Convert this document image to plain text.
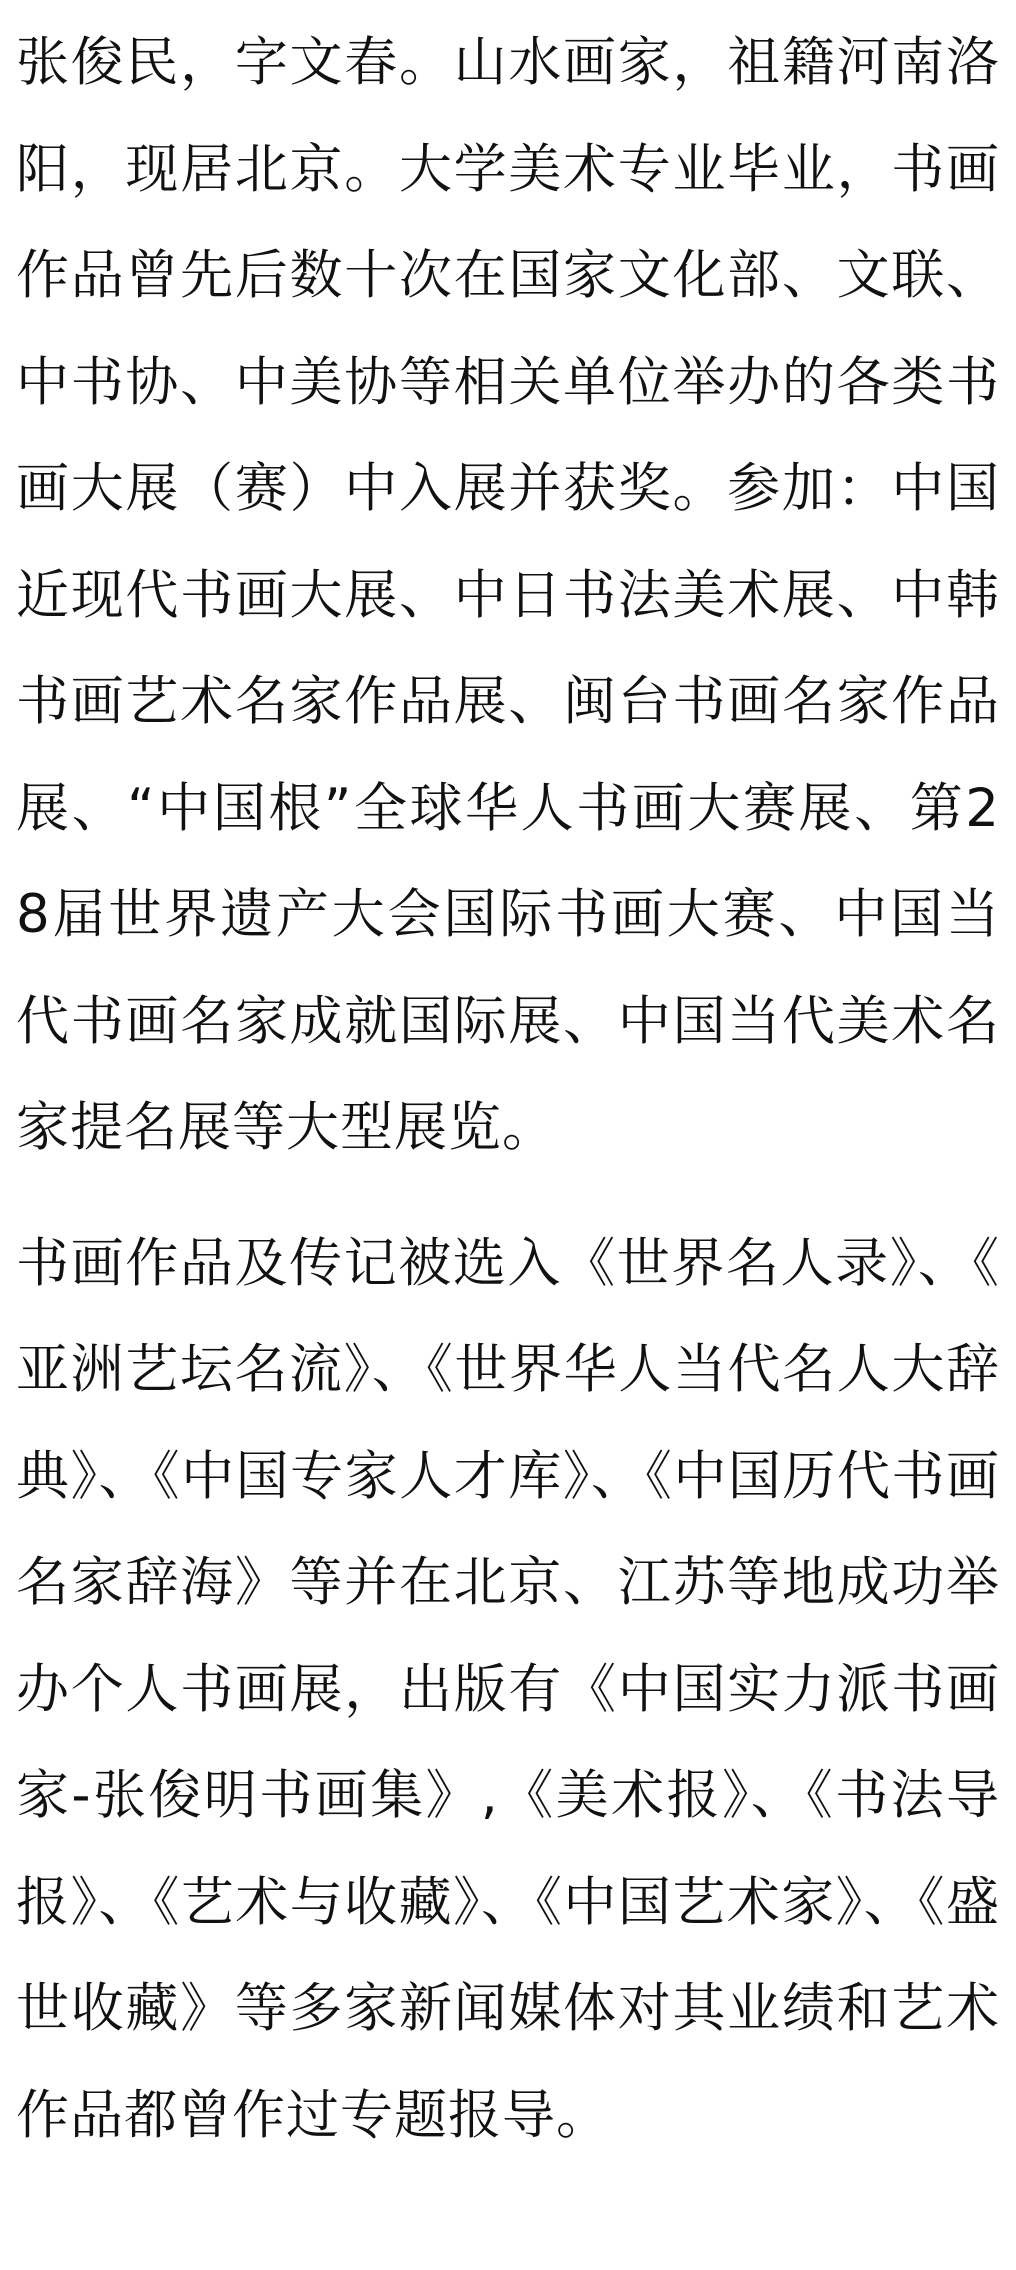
张俊民，字文春。山水画家，祖籍河南洛阳，现居北京。大学美术专业毕业，书画作品曾先后数十次在国家文化部、文联、中书协、中美协等相关单位举办的各类书画大展（赛）中入展并获奖。参加：中国近现代书画大展、中日书法美术展、中韩书画艺术名家作品展、闽台书画名家作品展、“中国根”全球华人书画大赛展、第28届世界遗产大会国际书画大赛、中国当代书画名家成就国际展、中国当代美术名家提名展等大型展览。

书画作品及传记被选入《世界名人录》、《亚洲艺坛名流》、《世界华人当代名人大辞典》、《中国专家人才库》、《中国历代书画名家辞海》等并在北京、江苏等地成功举办个人书画展，出版有《中国实力派书画家-张俊明书画集》,《美术报》、《书法导报》、《艺术与收藏》、《中国艺术家》、《盛世收藏》等多家新闻媒体对其业绩和艺术作品都曾作过专题报导。
